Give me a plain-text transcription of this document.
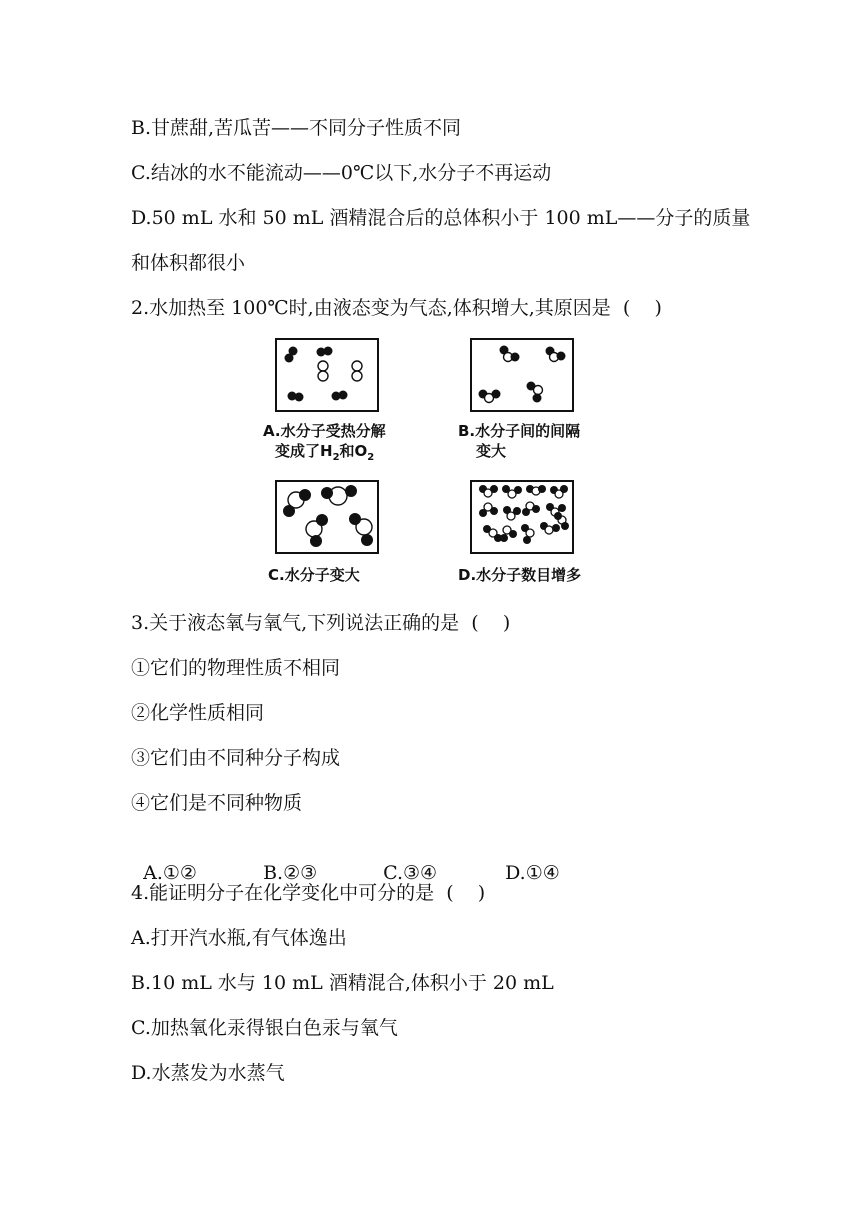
B.甘蔗甜,苦瓜苦——不同分子性质不同
C.结冰的水不能流动——0℃以下,水分子不再运动
D.50 mL 水和 50 mL 酒精混合后的总体积小于 100 mL——分子的质量
和体积都很小
2.水加热至 100℃时,由液态变为气态,体积增大,其原因是  (    )
A.水分子受热分解
变成了$H_2$和$O_2$
B.水分子间的间隔
变大
C.水分子变大	D.水分子数目增多
3.关于液态氧与氧气,下列说法正确的是  (    )
①它们的物理性质不相同
②化学性质相同
③它们由不同种分子构成
④它们是不同种物质

A.①②	B.②③	C.③④	D.①④

4.能证明分子在化学变化中可分的是  (    )
A.打开汽水瓶,有气体逸出
B.10 mL 水与 10 mL 酒精混合,体积小于 20 mL
C.加热氧化汞得银白色汞与氧气
D.水蒸发为水蒸气
